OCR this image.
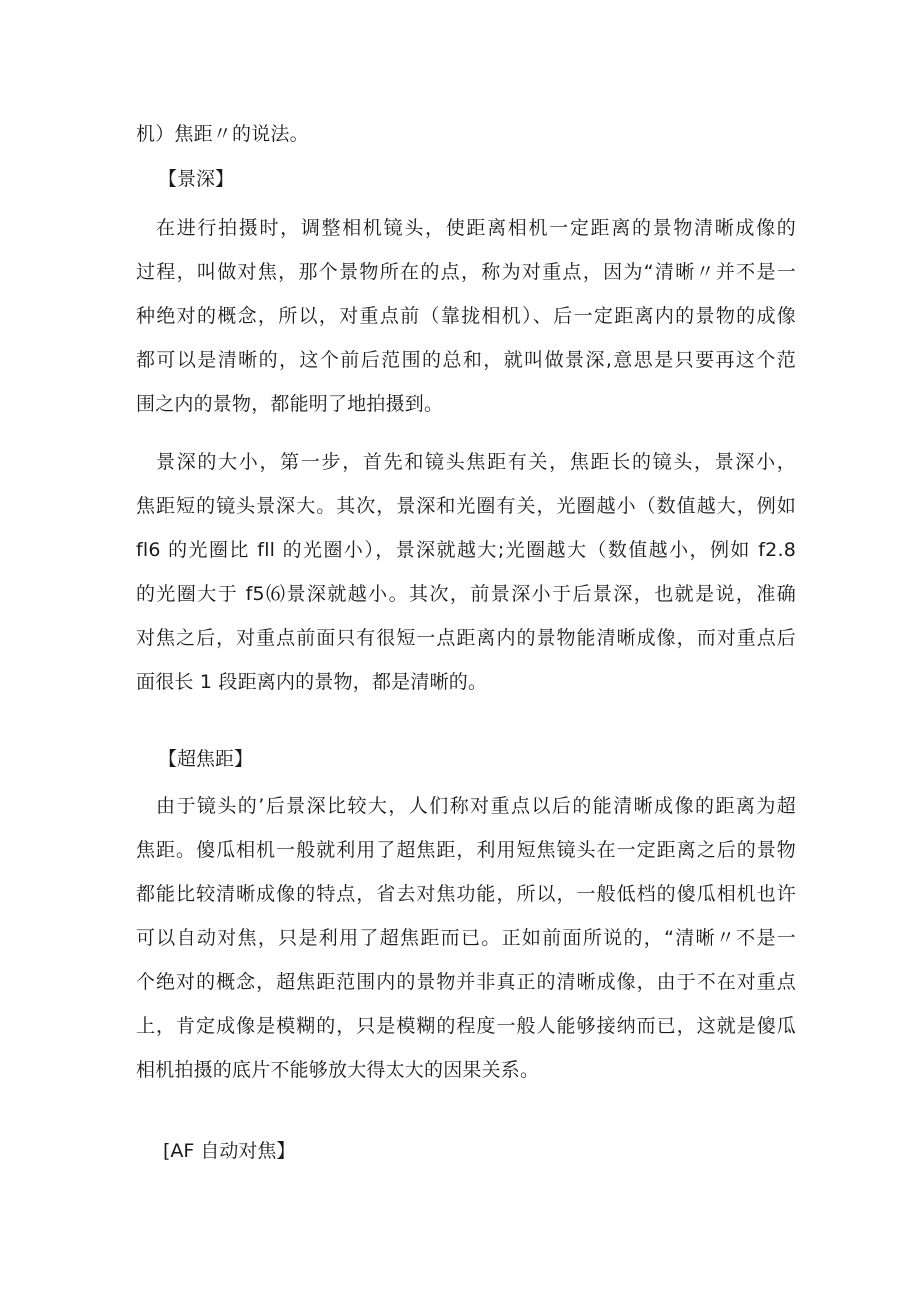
机）焦距〃的说法。
【景深】
在进行拍摄时，调整相机镜头，使距离相机一定距离的景物清晰成像的
过程，叫做对焦，那个景物所在的点，称为对重点，因为“清晰〃并不是一
种绝对的概念，所以，对重点前（靠拢相机）、后一定距离内的景物的成像
都可以是清晰的，这个前后范围的总和，就叫做景深,意思是只要再这个范
围之内的景物，都能明了地拍摄到。
景深的大小，第一步，首先和镜头焦距有关，焦距长的镜头，景深小，
焦距短的镜头景深大。其次，景深和光圈有关，光圈越小（数值越大，例如
fl6 的光圈比 fll 的光圈小），景深就越大;光圈越大（数值越小，例如 f2.8
的光圈大于 f5⑹景深就越小。其次，前景深小于后景深，也就是说，准确
对焦之后，对重点前面只有很短一点距离内的景物能清晰成像，而对重点后
面很长 1 段距离内的景物，都是清晰的。
【超焦距】
由于镜头的’后景深比较大，人们称对重点以后的能清晰成像的距离为超
焦距。傻瓜相机一般就利用了超焦距，利用短焦镜头在一定距离之后的景物
都能比较清晰成像的特点，省去对焦功能，所以，一般低档的傻瓜相机也许
可以自动对焦，只是利用了超焦距而已。正如前面所说的，“清晰〃不是一
个绝对的概念，超焦距范围内的景物并非真正的清晰成像，由于不在对重点
上，肯定成像是模糊的，只是模糊的程度一般人能够接纳而已，这就是傻瓜
相机拍摄的底片不能够放大得太大的因果关系。
[AF 自动对焦】
